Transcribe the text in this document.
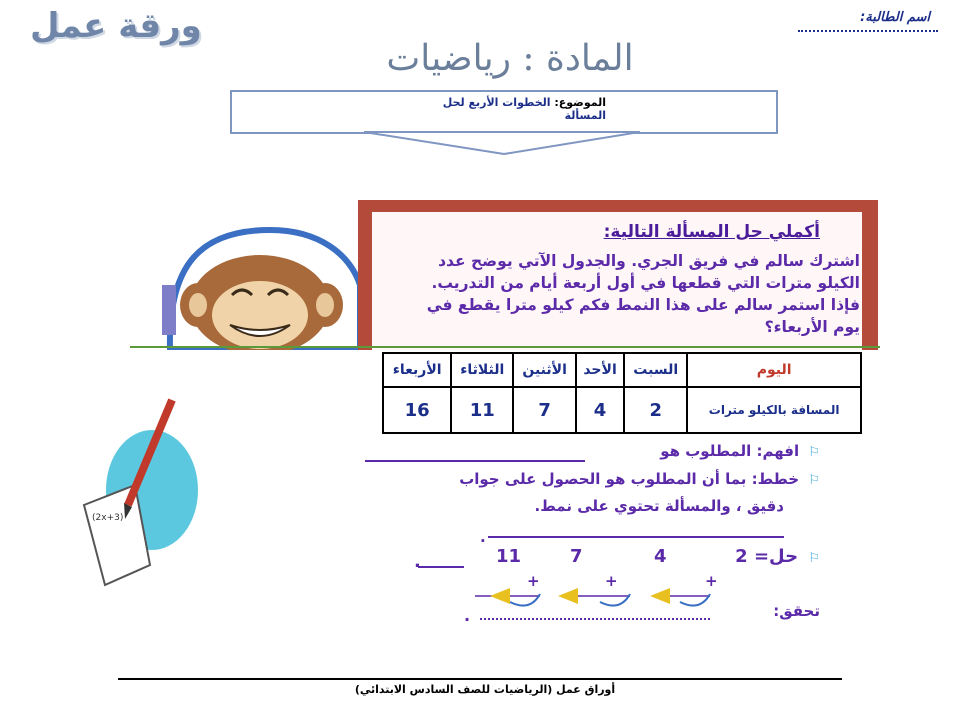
ورقة عمل	اسم الطالبة:
المادة : رياضيات
الموضوع: الخطوات الأربع لحل المسألة
أكملي حل المسألة التالية:
اشترك سالم في فريق الجري. والجدول الآتي يوضح عدد الكيلو مترات التي قطعها في أول أربعة أيام من التدريب. فإذا استمر سالم على هذا النمط فكم كيلو مترا يقطع في يوم الأربعاء؟
اليوم	السبت	الأحد	الأثنين	الثلاثاء	الأربعاء
المسافة بالكيلو مترات	2	4	7	11	16
(2x+3)
⚐ افهم: المطلوب هو
⚐ خطط: بما أن المطلوب هو الحصول على جواب
دقيق ، والمسألة تحتوي على نمط.
.
⚐ حل= 2
4
7
11
.
+
+
+
تحقق:
.
أوراق عمل (الرياضيات للصف السادس الابتدائي)
